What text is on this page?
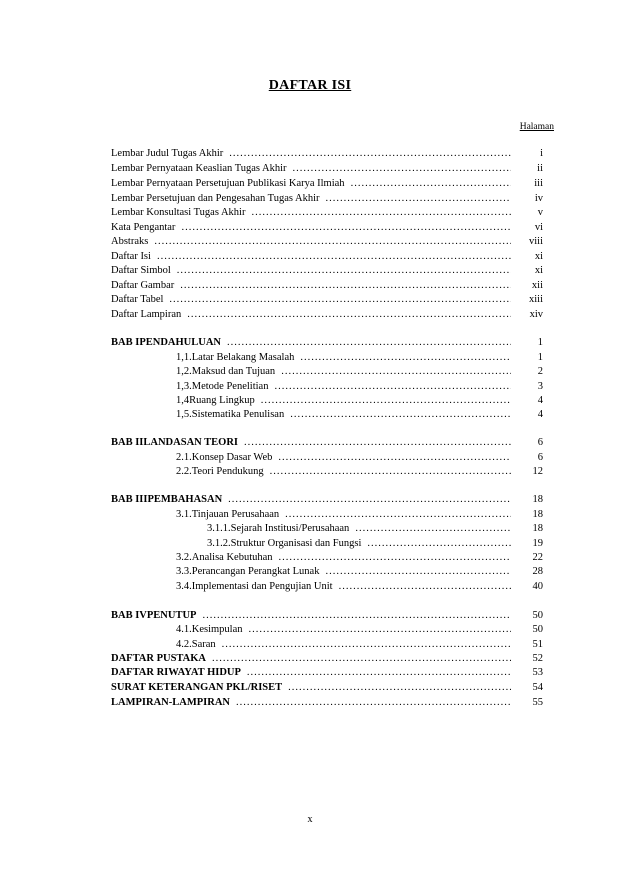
DAFTAR ISI
Halaman
Lembar Judul Tugas Akhir .....	i
Lembar Pernyataan Keaslian Tugas Akhir .....	ii
Lembar Pernyataan Persetujuan Publikasi Karya Ilmiah .....	iii
Lembar Persetujuan dan Pengesahan Tugas Akhir .....	iv
Lembar Konsultasi Tugas Akhir .....	v
Kata Pengantar .....	vi
Abstraks .....	viii
Daftar Isi .....	xi
Daftar Simbol .....	xi
Daftar Gambar .....	xii
Daftar Tabel .....	xiii
Daftar Lampiran .....	xiv
BAB I PENDAHULUAN .....	1
1,1. Latar Belakang Masalah .....	1
1,2. Maksud dan Tujuan .....	2
1,3. Metode Penelitian .....	3
1,4 Ruang Lingkup .....	4
1,5. Sistematika Penulisan .....	4
BAB II LANDASAN TEORI .....	6
2.1. Konsep Dasar Web .....	6
2.2. Teori Pendukung .....	12
BAB III PEMBAHASAN .....	18
3.1. Tinjauan Perusahaan .....	18
3.1.1. Sejarah Institusi/Perusahaan .....	18
3.1.2. Struktur Organisasi dan Fungsi .....	19
3.2. Analisa Kebutuhan .....	22
3.3. Perancangan Perangkat Lunak .....	28
3.4. Implementasi dan Pengujian Unit .....	40
BAB IV PENUTUP .....	50
4.1. Kesimpulan .....	50
4.2. Saran .....	51
DAFTAR PUSTAKA .....	52
DAFTAR RIWAYAT HIDUP .....	53
SURAT KETERANGAN PKL/RISET .....	54
LAMPIRAN-LAMPIRAN .....	55
x
